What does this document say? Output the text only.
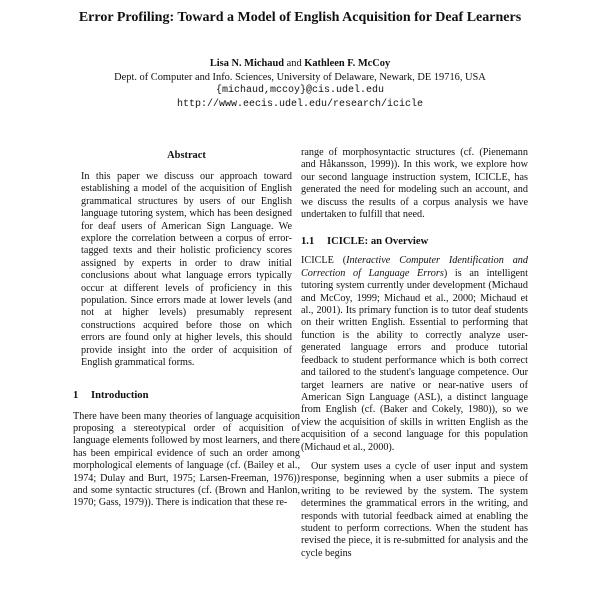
Error Profiling: Toward a Model of English Acquisition for Deaf Learners
Lisa N. Michaud and Kathleen F. McCoy
Dept. of Computer and Info. Sciences, University of Delaware, Newark, DE 19716, USA
{michaud,mccoy}@cis.udel.edu
http://www.eecis.udel.edu/research/icicle
Abstract

In this paper we discuss our approach toward establishing a model of the acquisition of English grammatical structures by users of our English language tutoring system, which has been designed for deaf users of American Sign Language. We explore the correlation between a corpus of error-tagged texts and their holistic proficiency scores assigned by experts in order to draw initial conclusions about what language errors typically occur at different levels of proficiency in this population. Since errors made at lower levels (and not at higher levels) presumably represent constructions acquired before those on which errors are found only at higher levels, this should provide insight into the order of acquisition of English grammatical forms.

1 Introduction

There have been many theories of language acquisition proposing a stereotypical order of acquisition of language elements followed by most learners, and there has been empirical evidence of such an order among morphological elements of language (cf. (Bailey et al., 1974; Dulay and Burt, 1975; Larsen-Freeman, 1976)) and some syntactic structures (cf. (Brown and Hanlon, 1970; Gass, 1979)). There is indication that these re-

range of morphosyntactic structures (cf. (Pienemann and Håkansson, 1999)). In this work, we explore how our second language instruction system, ICICLE, has generated the need for modeling such an account, and we discuss the results of a corpus analysis we have undertaken to fulfill that need.

1.1 ICICLE: an Overview

ICICLE (Interactive Computer Identification and Correction of Language Errors) is an intelligent tutoring system currently under development (Michaud and McCoy, 1999; Michaud et al., 2000; Michaud et al., 2001). Its primary function is to tutor deaf students on their written English. Essential to performing that function is the ability to correctly analyze user-generated language errors and produce tutorial feedback to student performance which is both correct and tailored to the student's language competence. Our target learners are native or near-native users of American Sign Language (ASL), a distinct language from English (cf. (Baker and Cokely, 1980)), so we view the acquisition of skills in written English as the acquisition of a second language for this population (Michaud et al., 2000).

Our system uses a cycle of user input and system response, beginning when a user submits a piece of writing to be reviewed by the system. The system determines the grammatical errors in the writing, and responds with tutorial feedback aimed at enabling the student to perform corrections. When the student has revised the piece, it is re-submitted for analysis and the cycle begins
